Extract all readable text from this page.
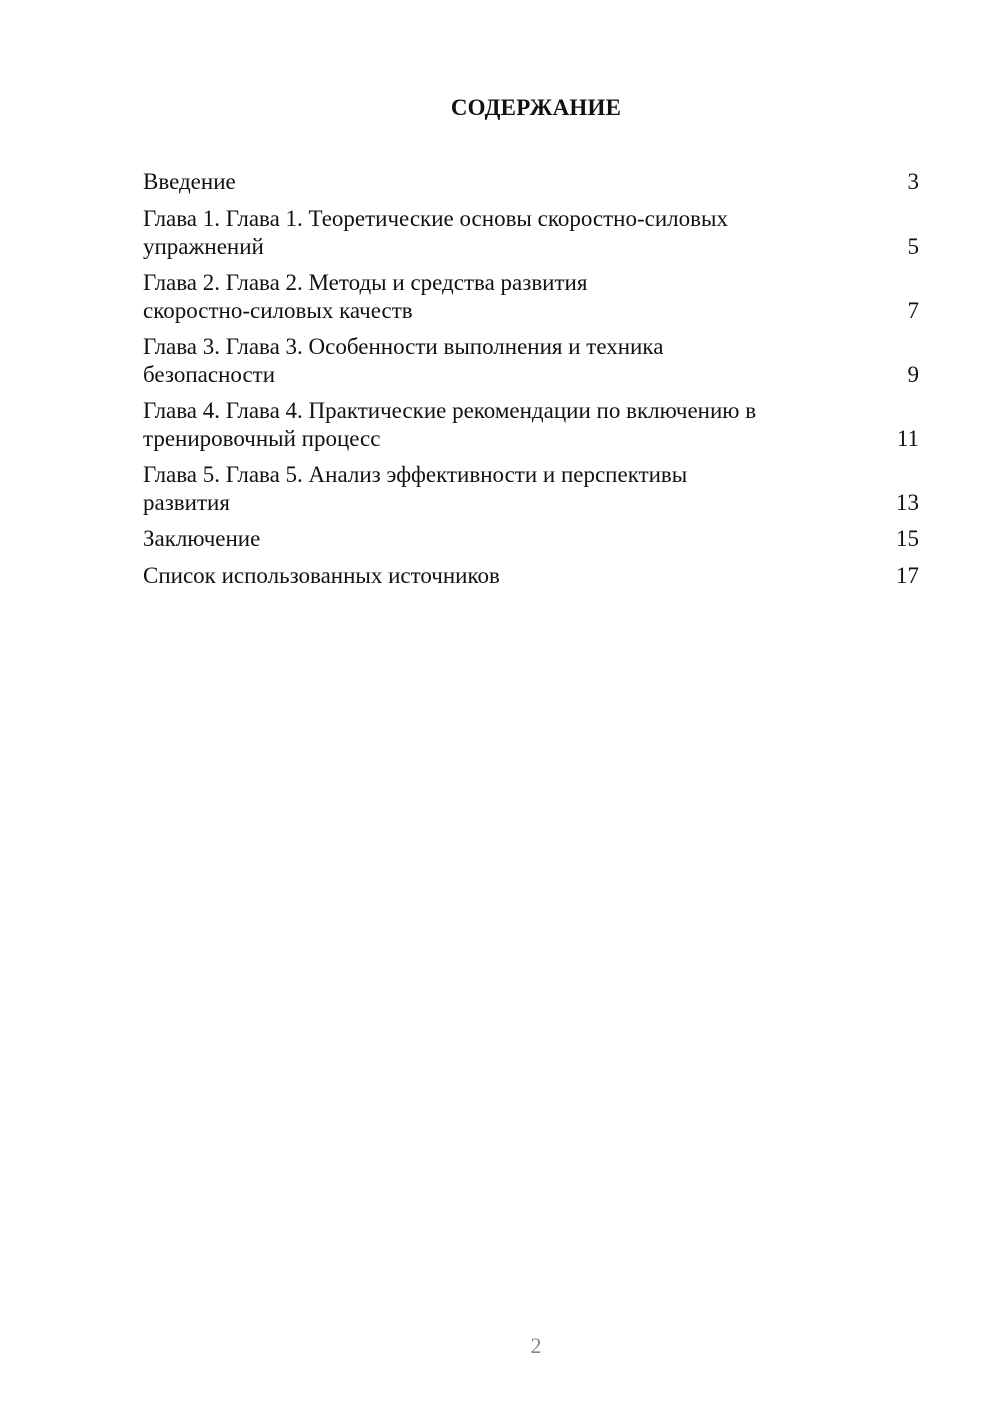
СОДЕРЖАНИЕ
Введение	3
Глава 1. Глава 1. Теоретические основы скоростно-силовых упражнений	5
Глава 2. Глава 2. Методы и средства развития скоростно-силовых качеств	7
Глава 3. Глава 3. Особенности выполнения и техника безопасности	9
Глава 4. Глава 4. Практические рекомендации по включению в тренировочный процесс	11
Глава 5. Глава 5. Анализ эффективности и перспективы развития	13
Заключение	15
Список использованных источников	17
2
